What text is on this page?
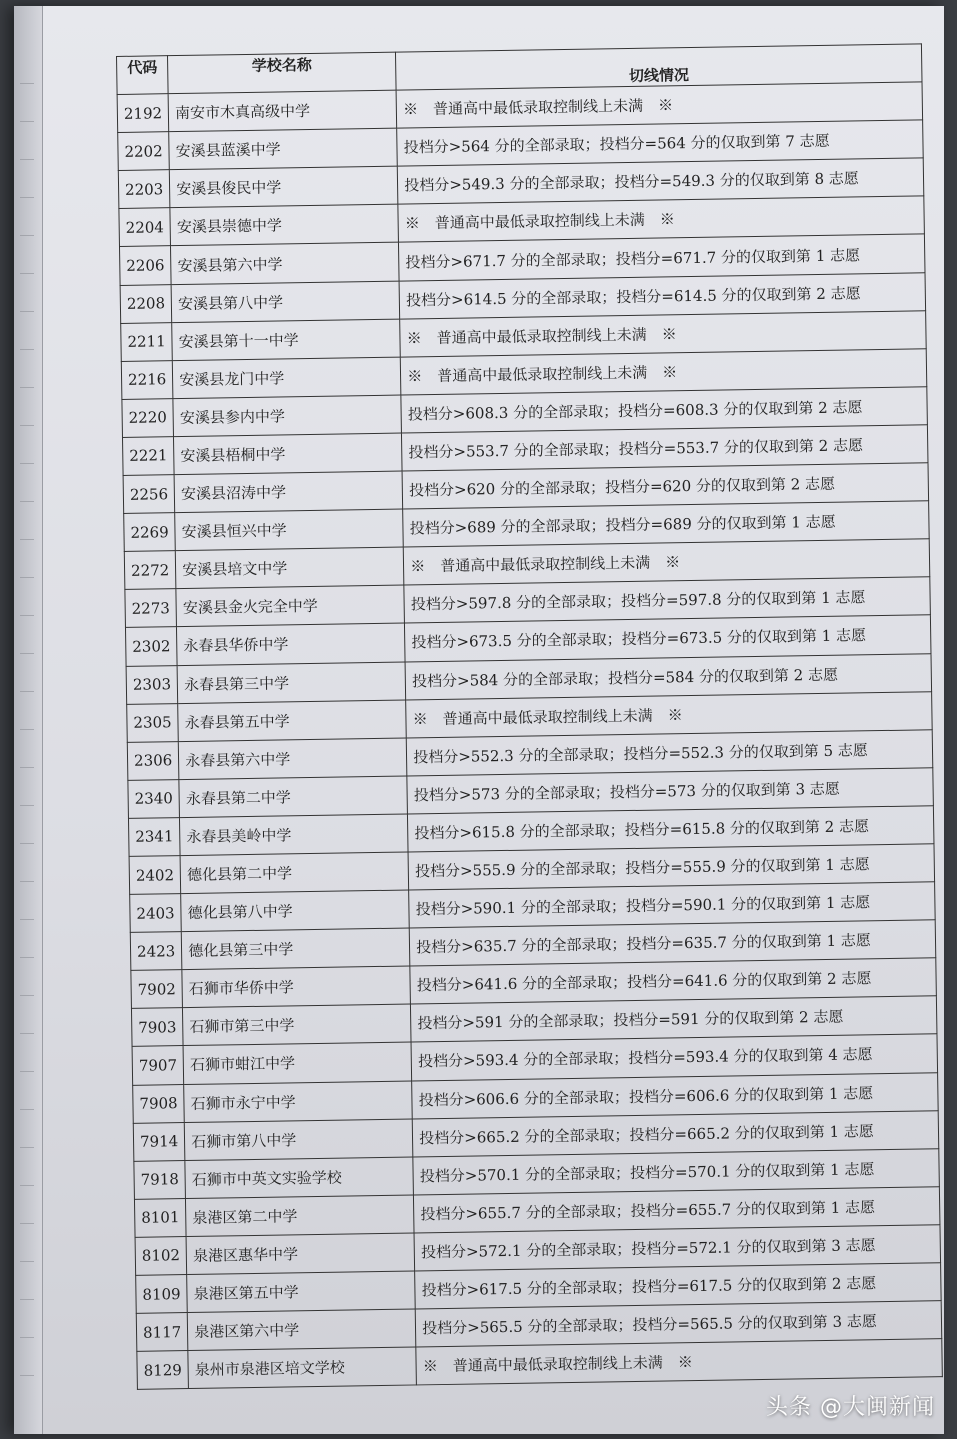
代码	学校名称	切线情况
2192	南安市木真高级中学	※　普通高中最低录取控制线上未满　※
2202	安溪县蓝溪中学	投档分>564 分的全部录取；投档分=564 分的仅取到第 7 志愿
2203	安溪县俊民中学	投档分>549.3 分的全部录取；投档分=549.3 分的仅取到第 8 志愿
2204	安溪县崇德中学	※　普通高中最低录取控制线上未满　※
2206	安溪县第六中学	投档分>671.7 分的全部录取；投档分=671.7 分的仅取到第 1 志愿
2208	安溪县第八中学	投档分>614.5 分的全部录取；投档分=614.5 分的仅取到第 2 志愿
2211	安溪县第十一中学	※　普通高中最低录取控制线上未满　※
2216	安溪县龙门中学	※　普通高中最低录取控制线上未满　※
2220	安溪县参内中学	投档分>608.3 分的全部录取；投档分=608.3 分的仅取到第 2 志愿
2221	安溪县梧桐中学	投档分>553.7 分的全部录取；投档分=553.7 分的仅取到第 2 志愿
2256	安溪县沼涛中学	投档分>620 分的全部录取；投档分=620 分的仅取到第 2 志愿
2269	安溪县恒兴中学	投档分>689 分的全部录取；投档分=689 分的仅取到第 1 志愿
2272	安溪县培文中学	※　普通高中最低录取控制线上未满　※
2273	安溪县金火完全中学	投档分>597.8 分的全部录取；投档分=597.8 分的仅取到第 1 志愿
2302	永春县华侨中学	投档分>673.5 分的全部录取；投档分=673.5 分的仅取到第 1 志愿
2303	永春县第三中学	投档分>584 分的全部录取；投档分=584 分的仅取到第 2 志愿
2305	永春县第五中学	※　普通高中最低录取控制线上未满　※
2306	永春县第六中学	投档分>552.3 分的全部录取；投档分=552.3 分的仅取到第 5 志愿
2340	永春县第二中学	投档分>573 分的全部录取；投档分=573 分的仅取到第 3 志愿
2341	永春县美岭中学	投档分>615.8 分的全部录取；投档分=615.8 分的仅取到第 2 志愿
2402	德化县第二中学	投档分>555.9 分的全部录取；投档分=555.9 分的仅取到第 1 志愿
2403	德化县第八中学	投档分>590.1 分的全部录取；投档分=590.1 分的仅取到第 1 志愿
2423	德化县第三中学	投档分>635.7 分的全部录取；投档分=635.7 分的仅取到第 1 志愿
7902	石狮市华侨中学	投档分>641.6 分的全部录取；投档分=641.6 分的仅取到第 2 志愿
7903	石狮市第三中学	投档分>591 分的全部录取；投档分=591 分的仅取到第 2 志愿
7907	石狮市蚶江中学	投档分>593.4 分的全部录取；投档分=593.4 分的仅取到第 4 志愿
7908	石狮市永宁中学	投档分>606.6 分的全部录取；投档分=606.6 分的仅取到第 1 志愿
7914	石狮市第八中学	投档分>665.2 分的全部录取；投档分=665.2 分的仅取到第 1 志愿
7918	石狮市中英文实验学校	投档分>570.1 分的全部录取；投档分=570.1 分的仅取到第 1 志愿
8101	泉港区第二中学	投档分>655.7 分的全部录取；投档分=655.7 分的仅取到第 1 志愿
8102	泉港区惠华中学	投档分>572.1 分的全部录取；投档分=572.1 分的仅取到第 3 志愿
8109	泉港区第五中学	投档分>617.5 分的全部录取；投档分=617.5 分的仅取到第 2 志愿
8117	泉港区第六中学	投档分>565.5 分的全部录取；投档分=565.5 分的仅取到第 3 志愿
8129	泉州市泉港区培文学校	※　普通高中最低录取控制线上未满　※
头条 @大闽新闻
